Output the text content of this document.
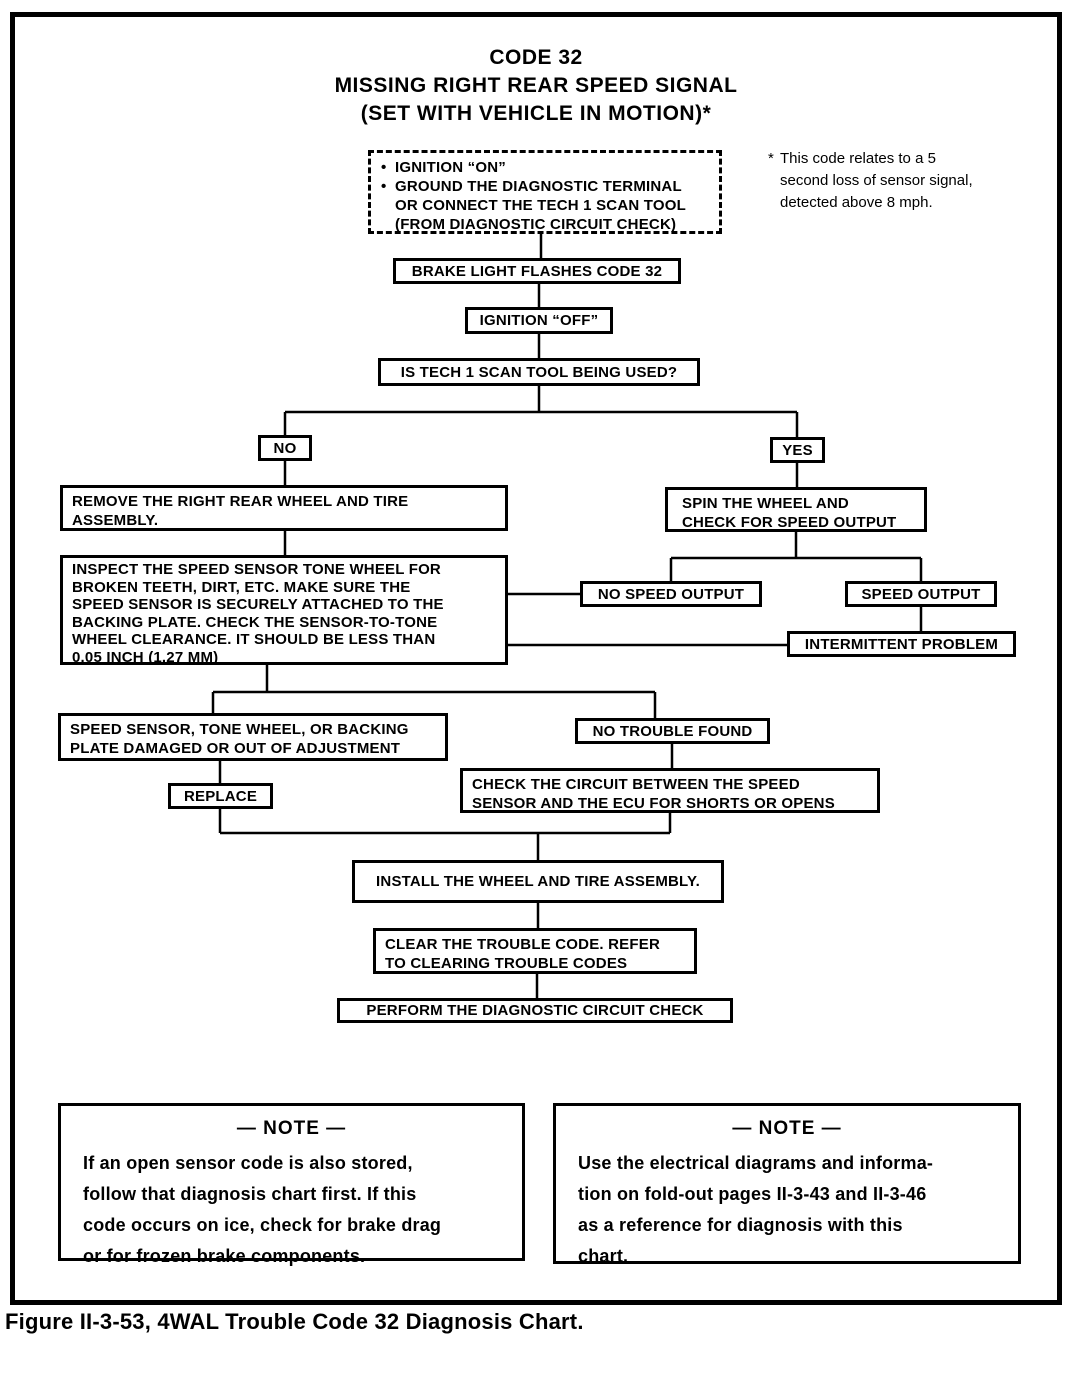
CODE 32
MISSING RIGHT REAR SPEED SIGNAL
(SET WITH VEHICLE IN MOTION)*
* This code relates to a 5
second loss of sensor signal,
detected above 8 mph.
• IGNITION “ON”
• GROUND THE DIAGNOSTIC TERMINAL
OR CONNECT THE TECH 1 SCAN TOOL
(FROM DIAGNOSTIC CIRCUIT CHECK)
BRAKE LIGHT FLASHES CODE 32
IGNITION “OFF”
IS TECH 1 SCAN TOOL BEING USED?
NO	YES
REMOVE THE RIGHT REAR WHEEL AND TIRE
ASSEMBLY.
INSPECT THE SPEED SENSOR TONE WHEEL FOR
BROKEN TEETH, DIRT, ETC. MAKE SURE THE
SPEED SENSOR IS SECURELY ATTACHED TO THE
BACKING PLATE. CHECK THE SENSOR-TO-TONE
WHEEL CLEARANCE. IT SHOULD BE LESS THAN
0.05 INCH (1.27 MM)
SPIN THE WHEEL AND
CHECK FOR SPEED OUTPUT
NO SPEED OUTPUT	SPEED OUTPUT
INTERMITTENT PROBLEM
SPEED SENSOR, TONE WHEEL, OR BACKING
PLATE DAMAGED OR OUT OF ADJUSTMENT
REPLACE
NO TROUBLE FOUND
CHECK THE CIRCUIT BETWEEN THE SPEED
SENSOR AND THE ECU FOR SHORTS OR OPENS
INSTALL THE WHEEL AND TIRE ASSEMBLY.
CLEAR THE TROUBLE CODE. REFER
TO CLEARING TROUBLE CODES
PERFORM THE DIAGNOSTIC CIRCUIT CHECK
— NOTE —
If an open sensor code is also stored,
follow that diagnosis chart first. If this
code occurs on ice, check for brake drag
or for frozen brake components.
— NOTE —
Use the electrical diagrams and informa-
tion on fold-out pages II-3-43 and II-3-46
as a reference for diagnosis with this
chart.
Figure II-3-53, 4WAL Trouble Code 32 Diagnosis Chart.
